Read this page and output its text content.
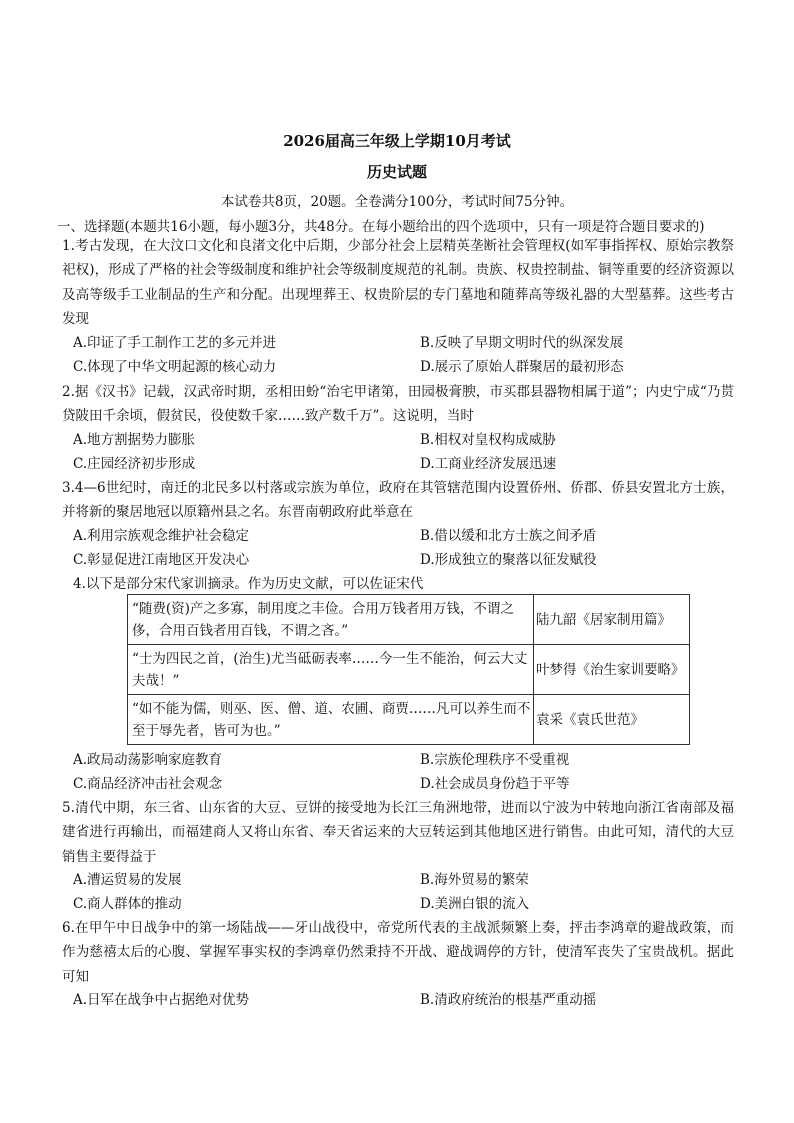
2026届高三年级上学期10月考试
历史试题
本试卷共8页，20题。全卷满分100分，考试时间75分钟。
一、选择题(本题共16小题，每小题3分，共48分。在每小题给出的四个选项中，只有一项是符合题目要求的)

1.考古发现，在大汶口文化和良渚文化中后期，少部分社会上层精英垄断社会管理权(如军事指挥权、原始宗教祭祀权)，形成了严格的社会等级制度和维护社会等级制度规范的礼制。贵族、权贵控制盐、铜等重要的经济资源以及高等级手工业制品的生产和分配。出现埋葬王、权贵阶层的专门墓地和随葬高等级礼器的大型墓葬。这些考古发现

A.印证了手工制作工艺的多元并进	B.反映了早期文明时代的纵深发展
C.体现了中华文明起源的核心动力	D.展示了原始人群聚居的最初形态

2.据《汉书》记载，汉武帝时期，丞相田蚡“治宅甲诸第，田园极膏腴，市买郡县器物相属于道”；内史宁成“乃贳贷陂田千余顷，假贫民，役使数千家……致产数千万”。这说明，当时

A.地方割据势力膨胀	B.相权对皇权构成威胁
C.庄园经济初步形成	D.工商业经济发展迅速

3.4—6世纪时，南迁的北民多以村落或宗族为单位，政府在其管辖范围内设置侨州、侨郡、侨县安置北方士族，并将新的聚居地冠以原籍州县之名。东晋南朝政府此举意在

A.利用宗族观念维护社会稳定	B.借以缓和北方士族之间矛盾
C.彰显促进江南地区开发决心	D.形成独立的聚落以征发赋役

4.以下是部分宋代家训摘录。作为历史文献，可以佐证宋代

“随费(资)产之多寡，制用度之丰俭。合用万钱者用万钱，不谓之侈，合用百钱者用百钱，不谓之吝。”	陆九韶《居家制用篇》
“士为四民之首，(治生)尤当砥砺表率……今一生不能治，何云大丈夫哉！”	叶梦得《治生家训要略》
“如不能为儒，则巫、医、僧、道、农圃、商贾……凡可以养生而不至于辱先者，皆可为也。”	袁采《袁氏世范》
A.政局动荡影响家庭教育	B.宗族伦理秩序不受重视
C.商品经济冲击社会观念	D.社会成员身份趋于平等

5.清代中期，东三省、山东省的大豆、豆饼的接受地为长江三角洲地带，进而以宁波为中转地向浙江省南部及福建省进行再输出，而福建商人又将山东省、奉天省运来的大豆转运到其他地区进行销售。由此可知，清代的大豆销售主要得益于

A.漕运贸易的发展	B.海外贸易的繁荣
C.商人群体的推动	D.美洲白银的流入

6.在甲午中日战争中的第一场陆战——牙山战役中，帝党所代表的主战派频繁上奏，抨击李鸿章的避战政策，而作为慈禧太后的心腹、掌握军事实权的李鸿章仍然秉持不开战、避战调停的方针，使清军丧失了宝贵战机。据此可知

A.日军在战争中占据绝对优势	B.清政府统治的根基严重动摇
